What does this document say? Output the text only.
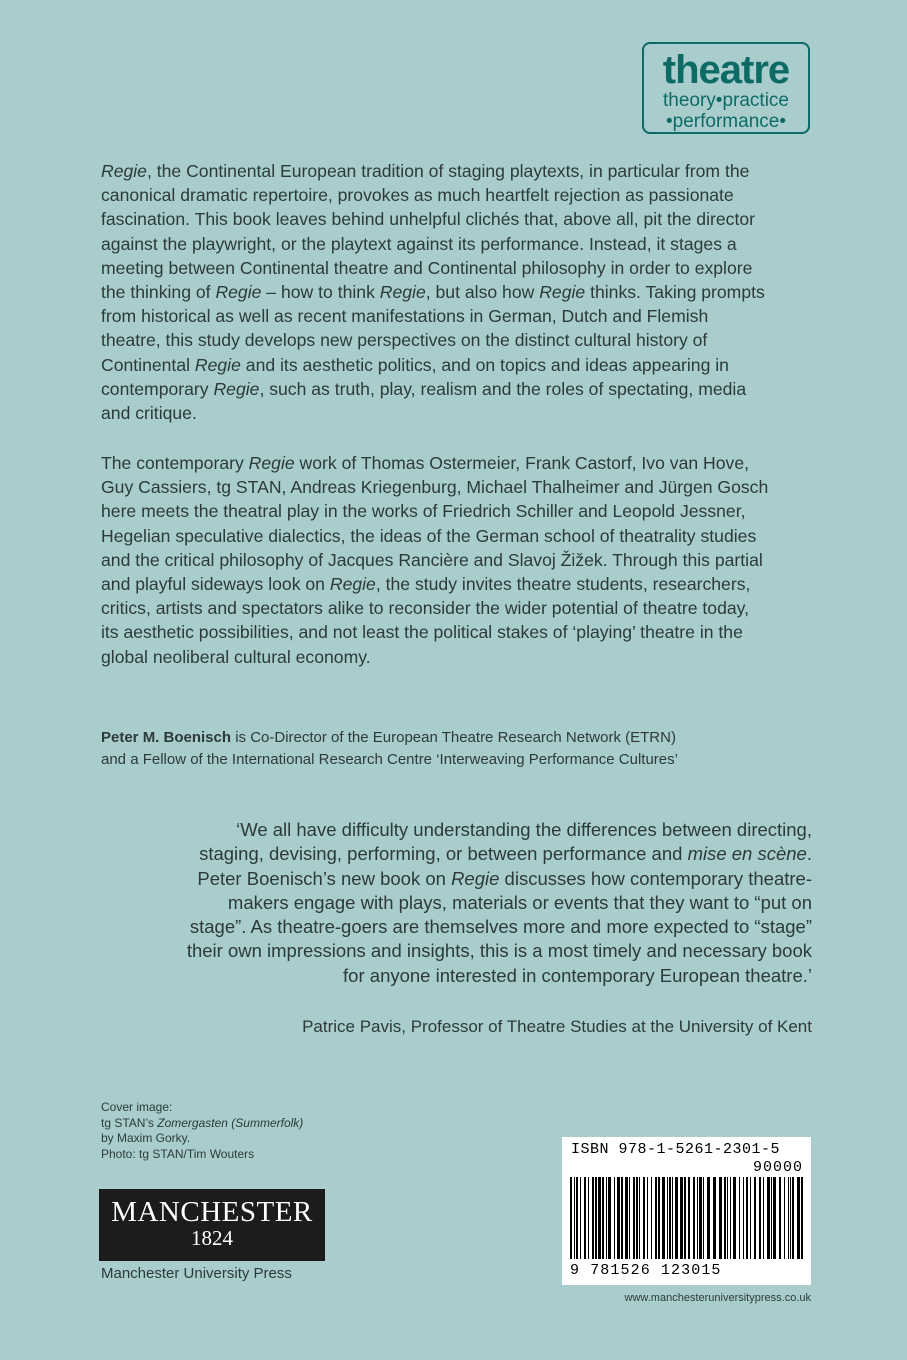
theatre
theory•practice
•performance•

Regie, the Continental European tradition of staging playtexts, in particular from the canonical dramatic repertoire, provokes as much heartfelt rejection as passionate fascination. This book leaves behind unhelpful clichés that, above all, pit the director against the playwright, or the playtext against its performance. Instead, it stages a meeting between Continental theatre and Continental philosophy in order to explore the thinking of Regie – how to think Regie, but also how Regie thinks. Taking prompts from historical as well as recent manifestations in German, Dutch and Flemish theatre, this study develops new perspectives on the distinct cultural history of Continental Regie and its aesthetic politics, and on topics and ideas appearing in contemporary Regie, such as truth, play, realism and the roles of spectating, media and critique.

The contemporary Regie work of Thomas Ostermeier, Frank Castorf, Ivo van Hove, Guy Cassiers, tg STAN, Andreas Kriegenburg, Michael Thalheimer and Jürgen Gosch here meets the theatral play in the works of Friedrich Schiller and Leopold Jessner, Hegelian speculative dialectics, the ideas of the German school of theatrality studies and the critical philosophy of Jacques Rancière and Slavoj Žižek. Through this partial and playful sideways look on Regie, the study invites theatre students, researchers, critics, artists and spectators alike to reconsider the wider potential of theatre today, its aesthetic possibilities, and not least the political stakes of ‘playing’ theatre in the global neoliberal cultural economy.

Peter M. Boenisch is Co-Director of the European Theatre Research Network (ETRN)
and a Fellow of the International Research Centre ‘Interweaving Performance Cultures’

‘We all have difficulty understanding the differences between directing, staging, devising, performing, or between performance and mise en scène. Peter Boenisch’s new book on Regie discusses how contemporary theatre-makers engage with plays, materials or events that they want to “put on stage”. As theatre-goers are themselves more and more expected to “stage” their own impressions and insights, this is a most timely and necessary book for anyone interested in contemporary European theatre.’

Patrice Pavis, Professor of Theatre Studies at the University of Kent

Cover image:
tg STAN’s Zomergasten (Summerfolk)
by Maxim Gorky.
Photo: tg STAN/Tim Wouters
MANCHESTER
1824
Manchester University Press
ISBN 978-1-5261-2301-5
90000
9 781526 123015
www.manchesteruniversitypress.co.uk
